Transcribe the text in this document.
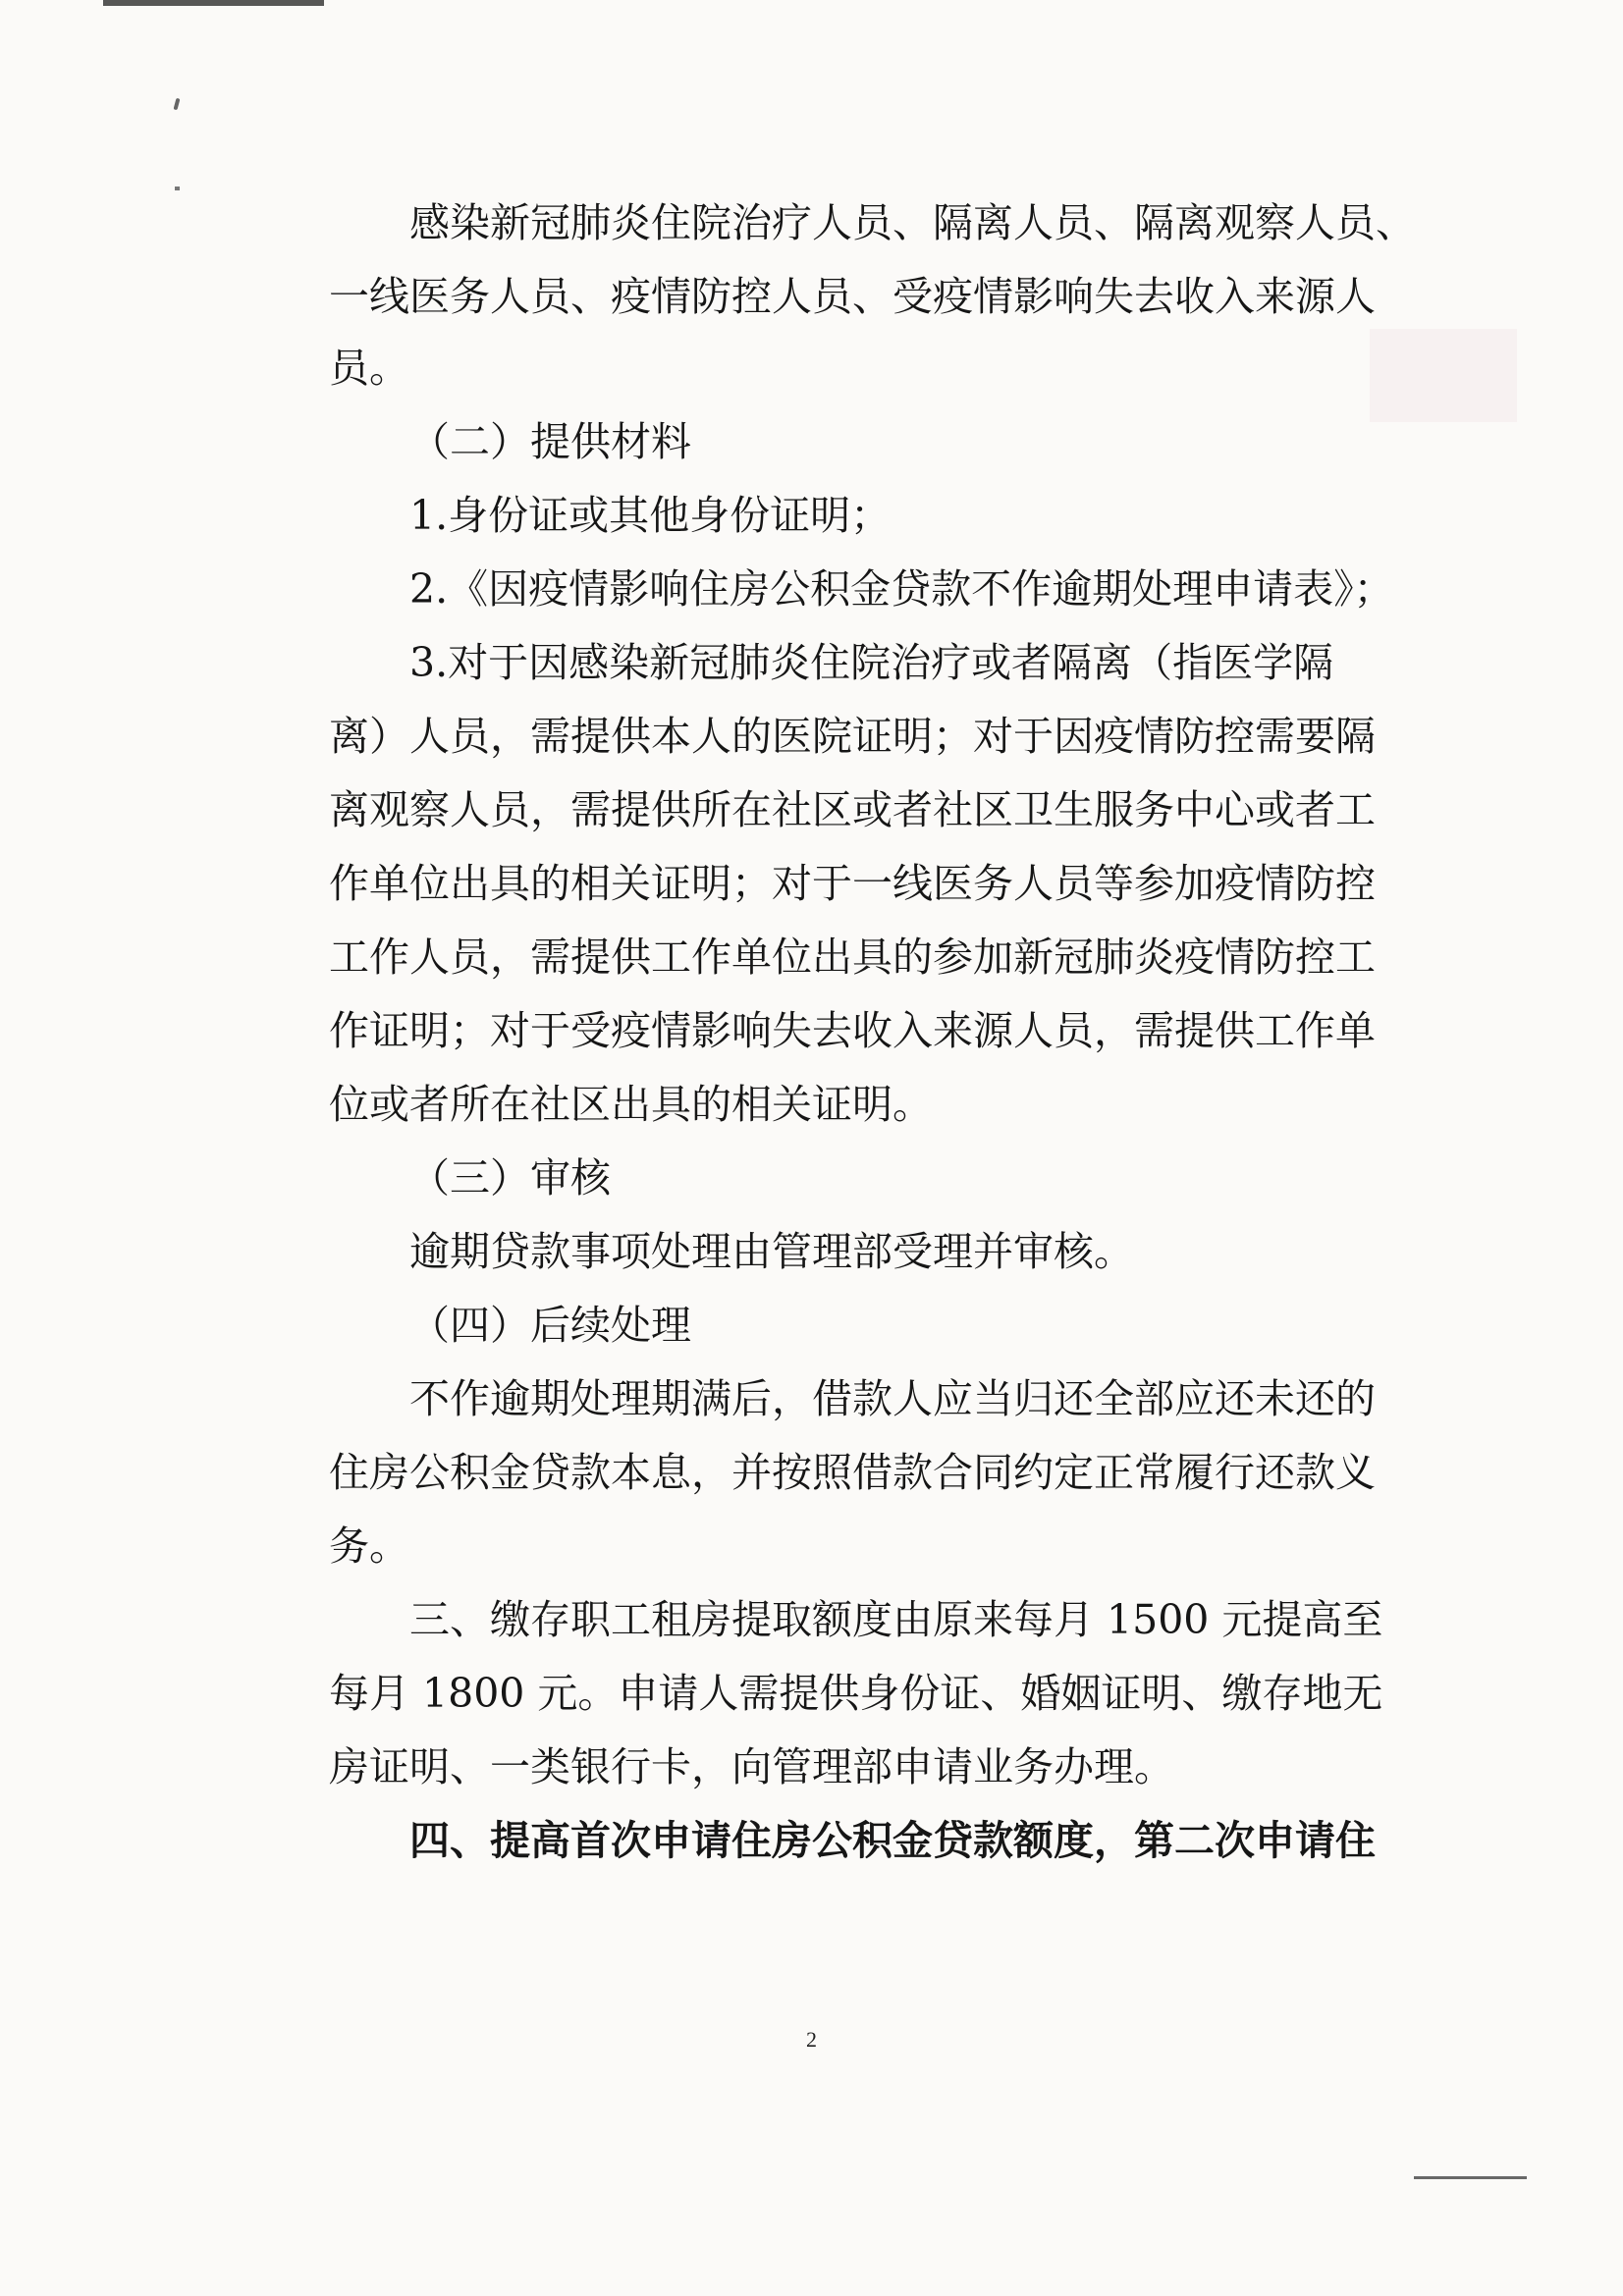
感染新冠肺炎住院治疗人员、隔离人员、隔离观察人员、
一线医务人员、疫情防控人员、受疫情影响失去收入来源人
员。
（二）提供材料
1.身份证或其他身份证明；
2.《因疫情影响住房公积金贷款不作逾期处理申请表》；
3.对于因感染新冠肺炎住院治疗或者隔离（指医学隔
离）人员，需提供本人的医院证明；对于因疫情防控需要隔
离观察人员，需提供所在社区或者社区卫生服务中心或者工
作单位出具的相关证明；对于一线医务人员等参加疫情防控
工作人员，需提供工作单位出具的参加新冠肺炎疫情防控工
作证明；对于受疫情影响失去收入来源人员，需提供工作单
位或者所在社区出具的相关证明。
（三）审核
逾期贷款事项处理由管理部受理并审核。
（四）后续处理
不作逾期处理期满后，借款人应当归还全部应还未还的
住房公积金贷款本息，并按照借款合同约定正常履行还款义
务。
三、缴存职工租房提取额度由原来每月 1500 元提高至
每月 1800 元。申请人需提供身份证、婚姻证明、缴存地无
房证明、一类银行卡，向管理部申请业务办理。
四、提高首次申请住房公积金贷款额度，第二次申请住
2
